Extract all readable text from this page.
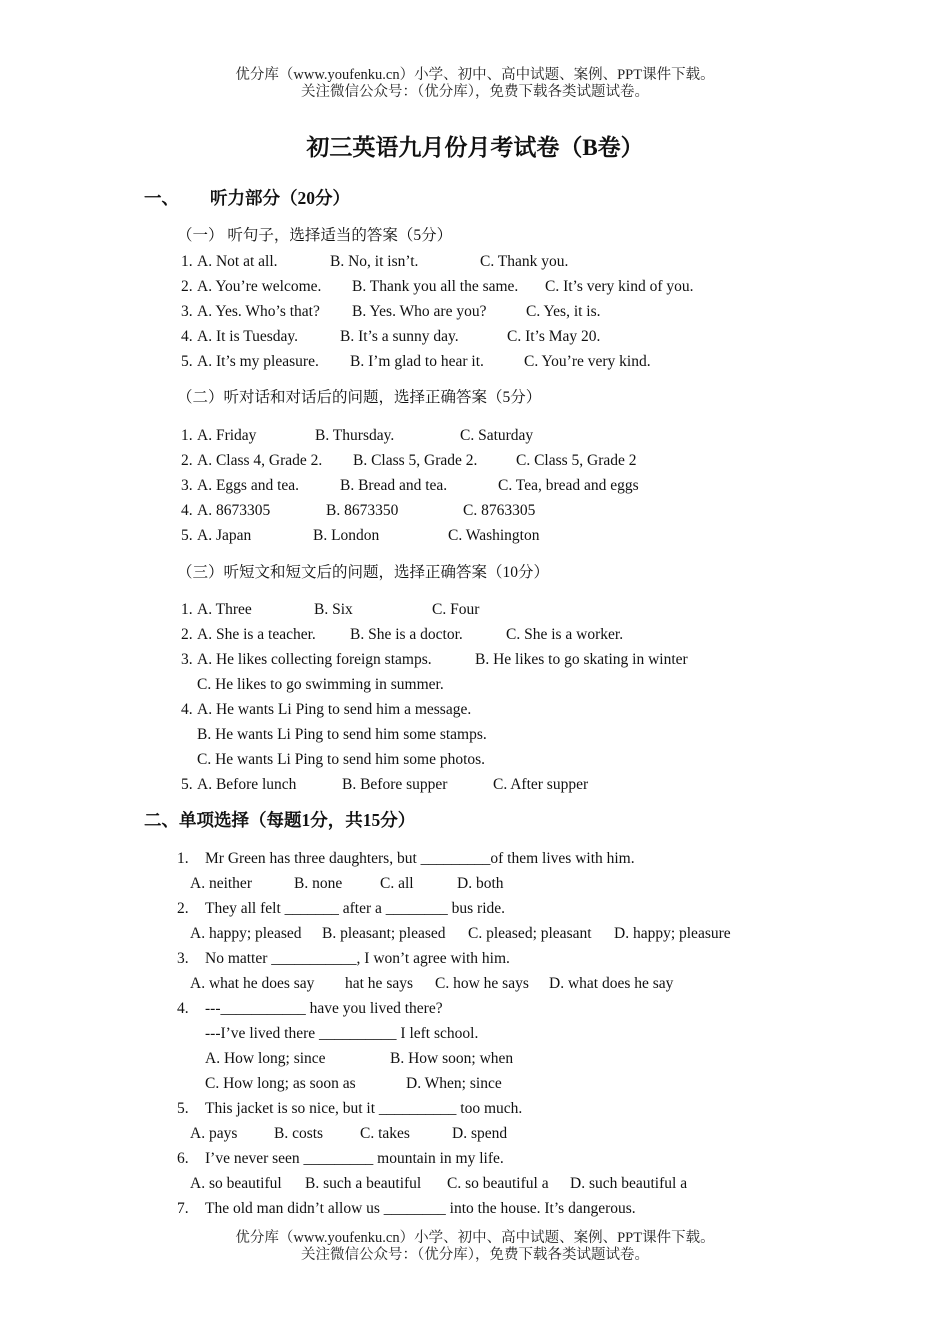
优分库（www.youfenku.cn）小学、初中、高中试题、案例、PPT课件下载。
关注微信公众号：（优分库），免费下载各类试题试卷。
初三英语九月份月考试卷（B卷）
一、 听力部分（20分）
（一） 听句子，选择适当的答案（5分）
1. A. Not at all.	B. No, it isn’t.	C. Thank you.
2. A. You’re welcome. B. Thank you all the same. C. It’s very kind of you.
3. A. Yes. Who’s that? B. Yes. Who are you?	C. Yes, it is.
4. A. It is Tuesday.	B. It’s a sunny day.	C. It’s May 20.
5. A. It’s my pleasure. B. I’m glad to hear it.	C. You’re very kind.
（二）听对话和对话后的问题，选择正确答案（5分）
1. A. Friday	B. Thursday.	C. Saturday
2. A. Class 4, Grade 2. B. Class 5, Grade 2. C. Class 5, Grade 2
3. A. Eggs and tea.	B. Bread and tea.	C. Tea, bread and eggs
4. A. 8673305	B. 8673350	C. 8763305
5. A. Japan	B. London	C. Washington
（三）听短文和短文后的问题，选择正确答案（10分）
1. A. Three	B. Six	C. Four
2. A. She is a teacher. B. She is a doctor.	C. She is a worker.
3. A. He likes collecting foreign stamps.	B. He likes to go skating in winter
C. He likes to go swimming in summer.
4. A. He wants Li Ping to send him a message.
B. He wants Li Ping to send him some stamps.
C. He wants Li Ping to send him some photos.
5. A. Before lunch	B. Before supper	C. After supper
二、单项选择（每题1分，共15分）
1. Mr Green has three daughters, but _________of them lives with him.
A. neither	B. none C. all	D. both
2. They all felt _______ after a ________ bus ride.
A. happy; pleased B. pleasant; pleased C. pleased; pleasant D. happy; pleasure
3. No matter ___________, I won’t agree with him.
A. what he does say hat he says C. how he says D. what does he say
4. ---___________ have you lived there?
---I’ve lived there __________ I left school.
A. How long; since	B. How soon; when
C. How long; as soon as	D. When; since
5. This jacket is so nice, but it __________ too much.
A. pays B. costs C. takes	D. spend
6. I’ve never seen _________ mountain in my life.
A. so beautiful B. such a beautiful C. so beautiful a D. such beautiful a
7. The old man didn’t allow us ________ into the house. It’s dangerous.
优分库（www.youfenku.cn）小学、初中、高中试题、案例、PPT课件下载。
关注微信公众号：（优分库），免费下载各类试题试卷。
